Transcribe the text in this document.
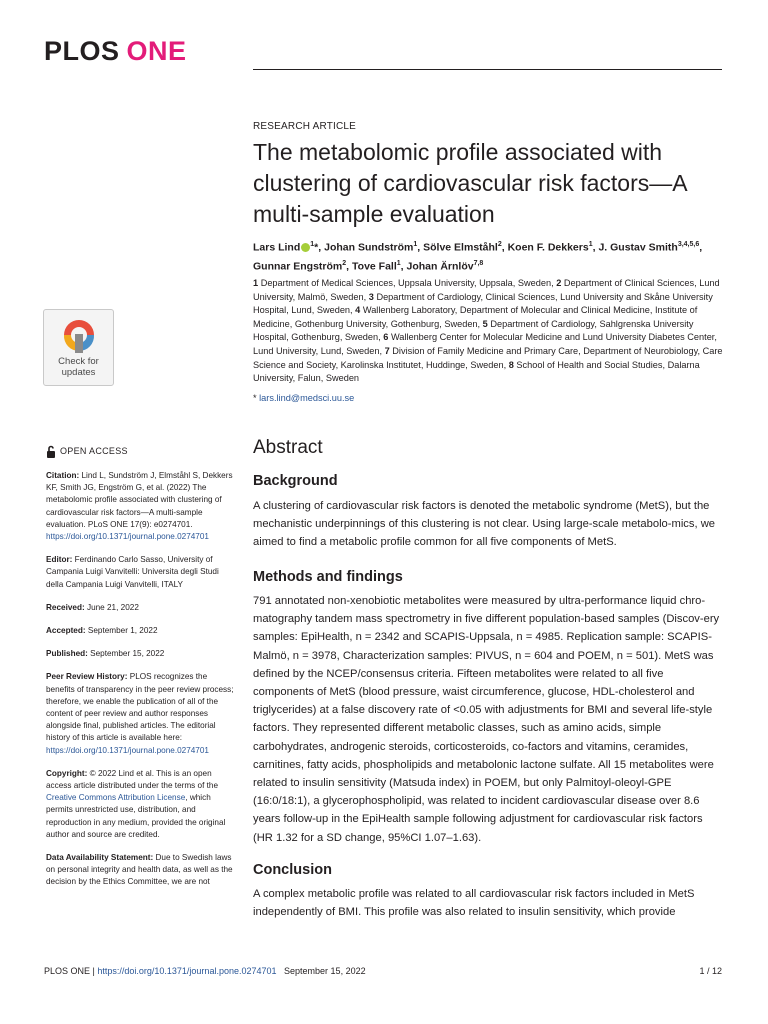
PLOS ONE
Check for
updates
RESEARCH ARTICLE
The metabolomic profile associated with clustering of cardiovascular risk factors—A multi-sample evaluation
Lars Lind $^1$*, Johan Sundström$^1$, Sölve Elmståhl$^2$, Koen F. Dekkers$^1$, J. Gustav Smith$^{3,4,5,6}$, Gunnar Engström$^2$, Tove Fall$^1$, Johan Ärnlöv$^{7,8}$
1 Department of Medical Sciences, Uppsala University, Uppsala, Sweden, 2 Department of Clinical Sciences, Lund University, Malmö, Sweden, 3 Department of Cardiology, Clinical Sciences, Lund University and Skåne University Hospital, Lund, Sweden, 4 Wallenberg Laboratory, Department of Molecular and Clinical Medicine, Institute of Medicine, Gothenburg University, Gothenburg, Sweden, 5 Department of Cardiology, Sahlgrenska University Hospital, Gothenburg, Sweden, 6 Wallenberg Center for Molecular Medicine and Lund University Diabetes Center, Lund University, Lund, Sweden, 7 Division of Family Medicine and Primary Care, Department of Neurobiology, Care Science and Society, Karolinska Institutet, Huddinge, Sweden, 8 School of Health and Social Studies, Dalarna University, Falun, Sweden
* lars.lind@medsci.uu.se

OPEN ACCESS

Citation: Lind L, Sundström J, Elmståhl S, Dekkers KF, Smith JG, Engström G, et al. (2022) The metabolomic profile associated with clustering of cardiovascular risk factors—A multi-sample evaluation. PLoS ONE 17(9): e0274701. https://doi.org/10.1371/journal.pone.0274701

Editor: Ferdinando Carlo Sasso, University of Campania Luigi Vanvitelli: Universita degli Studi della Campania Luigi Vanvitelli, ITALY

Received: June 21, 2022

Accepted: September 1, 2022

Published: September 15, 2022

Peer Review History: PLOS recognizes the benefits of transparency in the peer review process; therefore, we enable the publication of all of the content of peer review and author responses alongside final, published articles. The editorial history of this article is available here: https://doi.org/10.1371/journal.pone.0274701

Copyright: © 2022 Lind et al. This is an open access article distributed under the terms of the Creative Commons Attribution License, which permits unrestricted use, distribution, and reproduction in any medium, provided the original author and source are credited.

Data Availability Statement: Due to Swedish laws on personal integrity and health data, as well as the decision by the Ethics Committee, we are not

Abstract
Background
A clustering of cardiovascular risk factors is denoted the metabolic syndrome (MetS), but the mechanistic underpinnings of this clustering is not clear. Using large-scale metabolo-mics, we aimed to find a metabolic profile common for all five components of MetS.
Methods and findings
791 annotated non-xenobiotic metabolites were measured by ultra-performance liquid chro-matography tandem mass spectrometry in five different population-based samples (Discov-ery samples: EpiHealth, n = 2342 and SCAPIS-Uppsala, n = 4985. Replication sample: SCAPIS-Malmö, n = 3978, Characterization samples: PIVUS, n = 604 and POEM, n = 501). MetS was defined by the NCEP/consensus criteria. Fifteen metabolites were related to all five components of MetS (blood pressure, waist circumference, glucose, HDL-cholesterol and triglycerides) at a false discovery rate of <0.05 with adjustments for BMI and several life-style factors. They represented different metabolic classes, such as amino acids, simple carbohydrates, androgenic steroids, corticosteroids, co-factors and vitamins, ceramides, carnitines, fatty acids, phospholipids and metabolonic lactone sulfate. All 15 metabolites were related to insulin sensitivity (Matsuda index) in POEM, but only Palmitoyl-oleoyl-GPE (16:0/18:1), a glycerophospholipid, was related to incident cardiovascular disease over 8.6 years follow-up in the EpiHealth sample following adjustment for cardiovascular risk factors (HR 1.32 for a SD change, 95%CI 1.07–1.63).
Conclusion
A complex metabolic profile was related to all cardiovascular risk factors included in MetS independently of BMI. This profile was also related to insulin sensitivity, which provide
PLOS ONE | https://doi.org/10.1371/journal.pone.0274701 September 15, 2022	1 / 12
